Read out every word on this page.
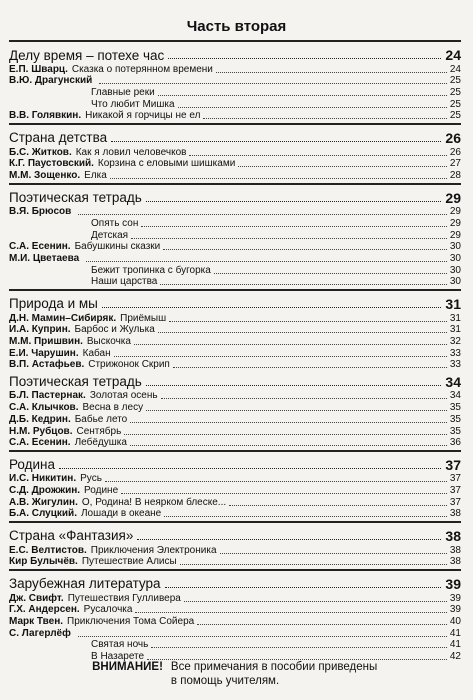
Часть вторая
Делу время – потехе час	24
Е.П. Шварц. Сказка о потерянном времени	24
В.Ю. Драгунский	25
Главные реки	25
Что любит Мишка	25
В.В. Голявкин. Никакой я горчицы не ел	25
Страна детства	26
Б.С. Житков. Как я ловил человечков	26
К.Г. Паустовский. Корзина с еловыми шишками	27
М.М. Зощенко. Елка	28
Поэтическая тетрадь	29
В.Я. Брюсов	29
Опять сон	29
Детская	29
С.А. Есенин. Бабушкины сказки	30
М.И. Цветаева	30
Бежит тропинка с бугорка	30
Наши царства	30
Природа и мы	31
Д.Н. Мамин–Сибиряк. Приёмыш	31
И.А. Куприн. Барбос и Жулька	31
М.М. Пришвин. Выскочка	32
Е.И. Чарушин. Кабан	33
В.П. Астафьев. Стрижонок Скрип	33
Поэтическая тетрадь	34
Б.Л. Пастернак. Золотая осень	34
С.А. Клычков. Весна в лесу	35
Д.Б. Кедрин. Бабье лето	35
Н.М. Рубцов. Сентябрь	35
С.А. Есенин. Лебёдушка	36
Родина	37
И.С. Никитин. Русь	37
С.Д. Дрожжин. Родине	37
А.В. Жигулин. О, Родина! В неярком блеске...	37
Б.А. Слуцкий. Лошади в океане	38
Страна «Фантазия»	38
Е.С. Велтистов. Приключения Электроника	38
Кир Булычёв. Путешествие Алисы	38
Зарубежная литература	39
Дж. Свифт. Путешествия Гулливера	39
Г.Х. Андерсен. Русалочка	39
Марк Твен. Приключения Тома Сойера	40
С. Лагерлёф	41
Святая ночь	41
В Назарете	42
ВНИМАНИЕ! Все примечания в пособии приведены в помощь учителям.
